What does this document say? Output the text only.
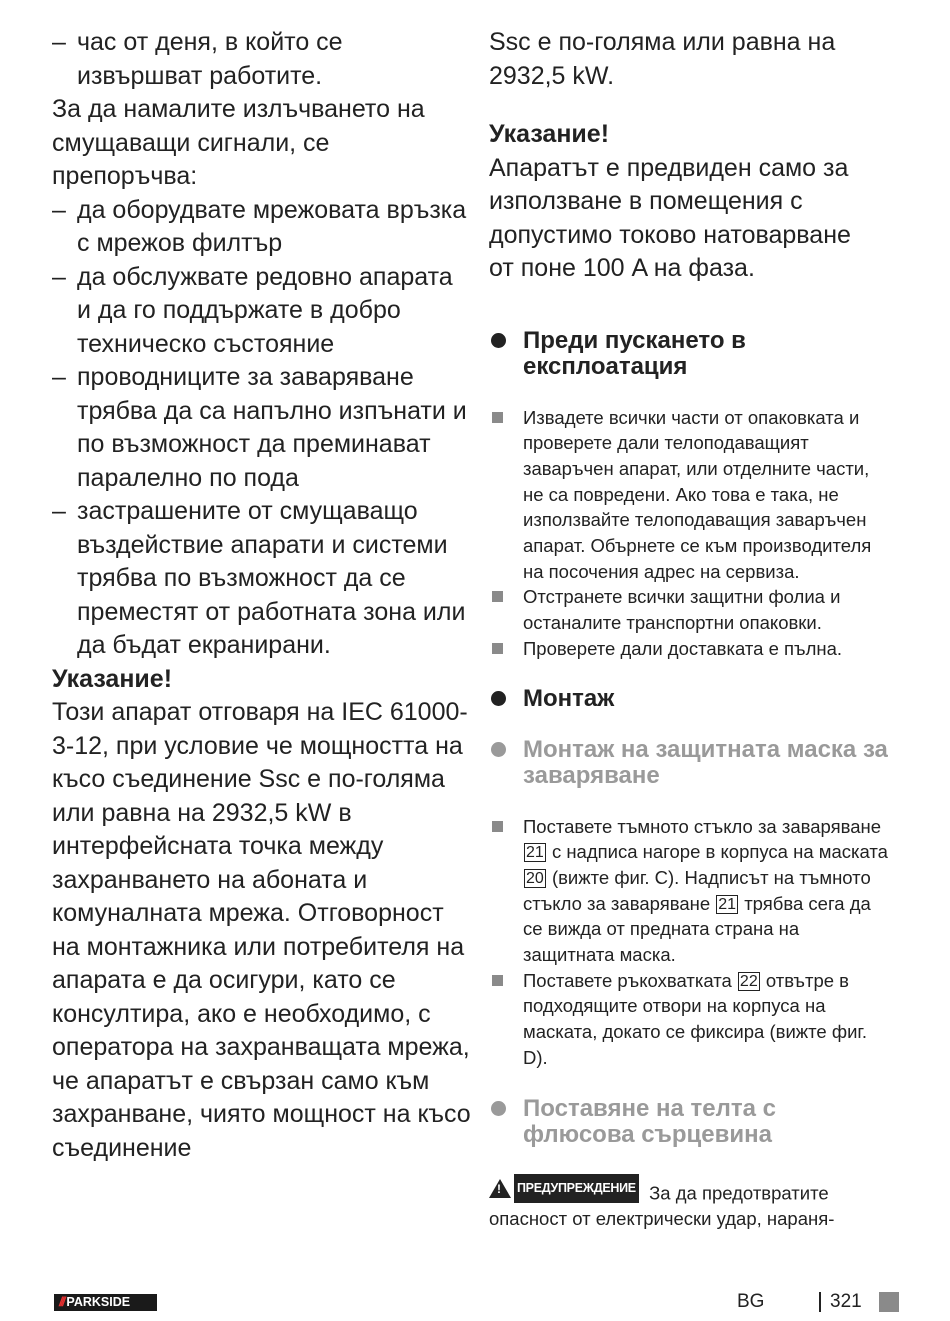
– час от деня, в който се извършват работите.

За да намалите излъчването на смущаващи сигнали, се препоръчва:

– да оборудвате мрежовата връзка с мрежов филтър

– да обслужвате редовно апарата и да го поддържате в добро техническо състояние

– проводниците за заваряване трябва да са напълно изпънати и по възможност да преминават паралелно по пода

– застрашените от смущаващо въздействие апарати и системи трябва по възможност да се преместят от работната зона или да бъдат екранирани.

Указание!

Този апарат отговаря на IEC 61000-3-12, при условие че мощността на късо съединение Ssc е по-голяма или равна на 2932,5 kW в интерфейсната точка между захранването на абоната и комуналната мрежа. Отговорност на монтажника или потребителя на апарата е да осигури, като се консултира, ако е необходимо, с оператора на захранващата мрежа, че апаратът е свързан само към захранване, чиято мощност на късо съединение

Ssc е по-голяма или равна на 2932,5 kW.
Указание!
Апаратът е предвиден само за използване в помещения с допустимо токово натоварване от поне 100 A на фаза.
Преди пускането в експлоатация
Извадете всички части от опаковката и проверете дали телоподаващият заваръчен апарат, или отделните части, не са повредени. Ако това е така, не използвайте телоподаващия заваръчен апарат. Обърнете се към производителя на посочения адрес на сервиза.
Отстранете всички защитни фолиа и останалите транспортни опаковки.
Проверете дали доставката е пълна.
Монтаж
Монтаж на защитната маска за заваряване
Поставете тъмното стъкло за заваряване 21 с надписа нагоре в корпуса на маската 20 (вижте фиг. C). Надписът на тъмното стъкло за заваряване 21 трябва сега да се вижда от предната страна на защитната маска.
Поставете ръкохватката 22 отвътре в подходящите отвори на корпуса на маската, докато се фиксира (вижте фиг. D).
Поставяне на телта с флюсова сърцевина
! ПРЕДУПРЕЖДЕНИЕ За да предотвратите опасност от електрически удар, нараня-
/// PARKSIDE	BG	321
